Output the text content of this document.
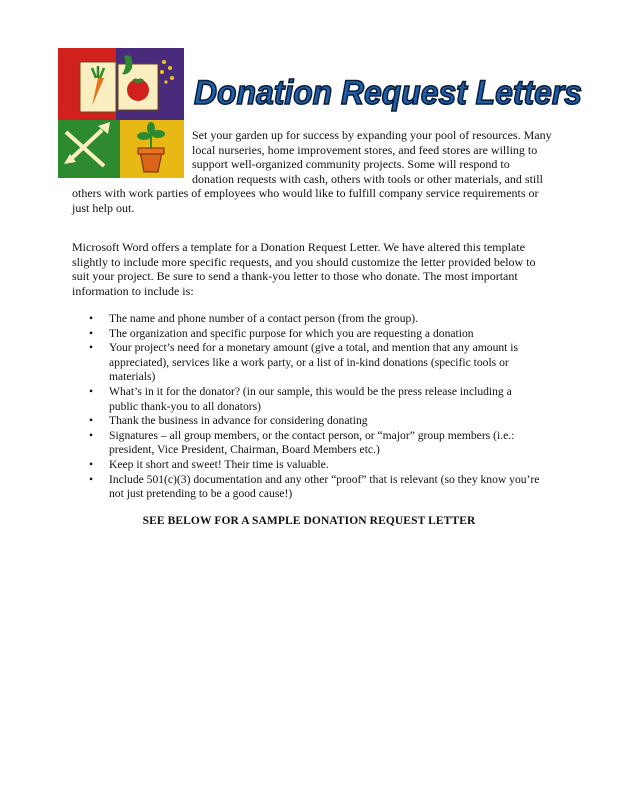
Donation Request Letters
Set your garden up for success by expanding your pool of resources. Many local nurseries, home improvement stores, and feed stores are willing to support well-organized community projects. Some will respond to donation requests with cash, others with tools or other materials, and still others with work parties of employees who would like to fulfill company service requirements or just help out.

Microsoft Word offers a template for a Donation Request Letter. We have altered this template slightly to include more specific requests, and you should customize the letter provided below to suit your project. Be sure to send a thank-you letter to those who donate. The most important information to include is:

• The name and phone number of a contact person (from the group).
• The organization and specific purpose for which you are requesting a donation
• Your project’s need for a monetary amount (give a total, and mention that any amount is appreciated), services like a work party, or a list of in-kind donations (specific tools or materials)
• What’s in it for the donator? (in our sample, this would be the press release including a public thank-you to all donators)
• Thank the business in advance for considering donating
• Signatures – all group members, or the contact person, or “major” group members (i.e.: president, Vice President, Chairman, Board Members etc.)
• Keep it short and sweet! Their time is valuable.
• Include 501(c)(3) documentation and any other “proof” that is relevant (so they know you’re not just pretending to be a good cause!)
SEE BELOW FOR A SAMPLE DONATION REQUEST LETTER
